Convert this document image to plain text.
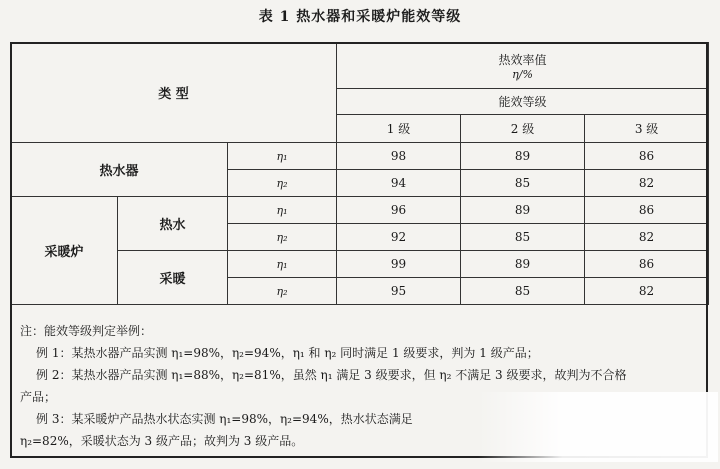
表 1 热水器和采暖炉能效等级
类 型			热效率值
η/%		

			能效等级		
			1 级	2 级	3 级
热水器		η₁	98	89	86
		η₂	94	85	82
采暖炉	热水	η₁	96	89	86
		η₂	92	85	82
	采暖	η₁	99	89	86
		η₂	95	85	82
注：能效等级判定举例：
例 1：某热水器产品实测 η₁=98%，η₂=94%，η₁ 和 η₂ 同时满足 1 级要求，判为 1 级产品；
例 2：某热水器产品实测 η₁=88%，η₂=81%，虽然 η₁ 满足 3 级要求，但 η₂ 不满足 3 级要求，故判为不合格
产品；
例 3：某采暖炉产品热水状态实测 η₁=98%，η₂=94%，热水状态满足
η₂=82%，采暖状态为 3 级产品；故判为 3 级产品。
